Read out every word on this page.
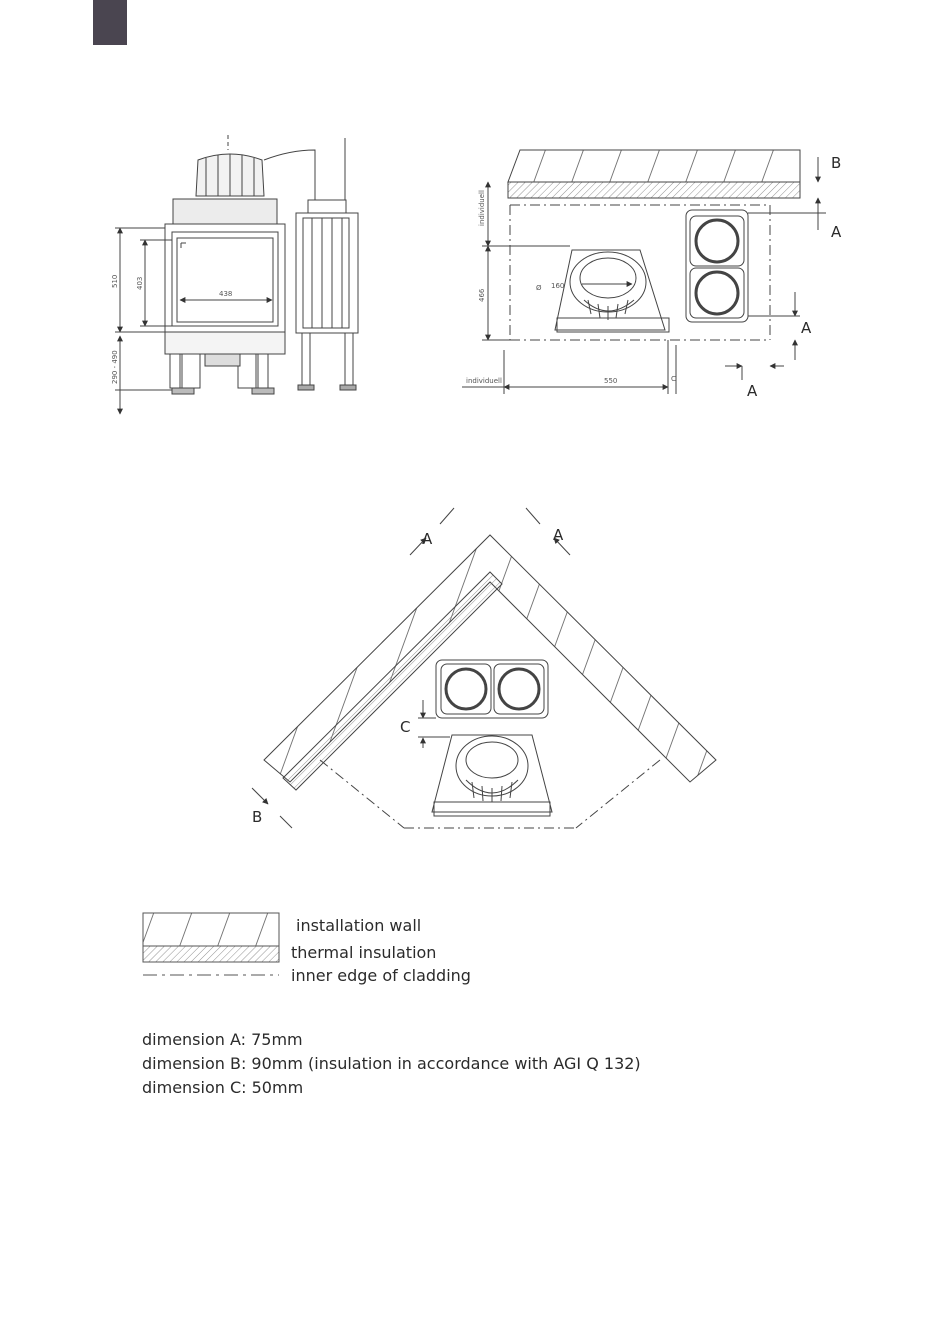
510 403
438
290 - 490
individuell
466
individuell	550
Ø 160
B
A
A
A
C
A	A
B
C
installation wall
thermal insulation
inner edge of cladding
dimension A: 75mm
dimension B: 90mm (insulation in accordance with AGI Q 132)
dimension C: 50mm
